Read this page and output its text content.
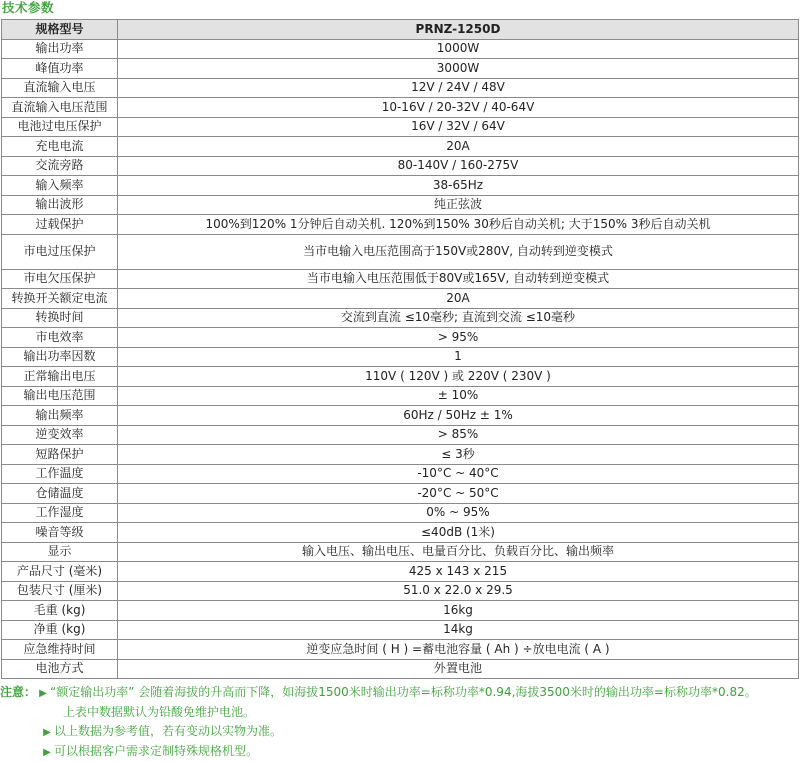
技术参数
规格型号	PRNZ-1250D
输出功率	1000W
峰值功率	3000W
直流输入电压	12V / 24V / 48V
直流输入电压范围	10-16V / 20-32V / 40-64V
电池过电压保护	16V / 32V / 64V
充电电流	20A
交流旁路	80-140V / 160-275V
输入频率	38-65Hz
输出波形	纯正弦波
过载保护	100%到120% 1分钟后自动关机. 120%到150% 30秒后自动关机; 大于150% 3秒后自动关机
市电过压保护	当市电输入电压范围高于150V或280V, 自动转到逆变模式
市电欠压保护	当市电输入电压范围低于80V或165V, 自动转到逆变模式
转换开关额定电流	20A
转换时间	交流到直流 ≤10毫秒; 直流到交流 ≤10毫秒
市电效率	> 95%
输出功率因数	1
正常输出电压	110V ( 120V ) 或 220V ( 230V )
输出电压范围	± 10%
输出频率	60Hz / 50Hz ± 1%
逆变效率	> 85%
短路保护	≤ 3秒
工作温度	-10°C ~ 40°C
仓储温度	-20°C ~ 50°C
工作湿度	0% ~ 95%
噪音等级	≤40dB (1米)
显示	输入电压、输出电压、电量百分比、负载百分比、输出频率
产品尺寸 (毫米)	425 x 143 x 215
包装尺寸 (厘米)	51.0 x 22.0 x 29.5
毛重 (kg)	16kg
净重 (kg)	14kg
应急维持时间	逆变应急时间 ( H ) =蓄电池容量 ( Ah ) ÷放电电流 ( A )
电池方式	外置电池
注意： ▶ “额定输出功率” 会随着海拔的升高而下降，如海拔1500米时输出功率=标称功率*0.94,海拔3500米时的输出功率=标称功率*0.82。
上表中数据默认为铅酸免维护电池。
▶ 以上数据为参考值，若有变动以实物为准。
▶ 可以根据客户需求定制特殊规格机型。
